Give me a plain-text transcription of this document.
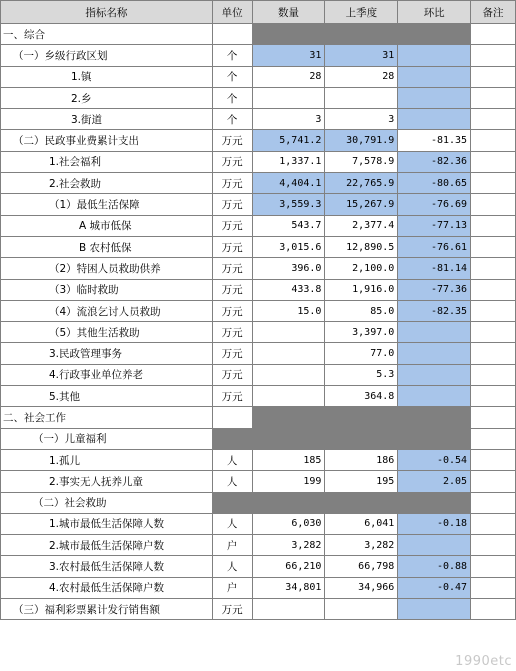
指标名称	单位	数量	上季度	环比	备注
一、综合					
（一）乡级行政区划	个	31	31		
1.镇	个	28	28		
2.乡	个				
3.街道	个	3	3		
（二）民政事业费累计支出	万元	5,741.2	30,791.9	-81.35	
1.社会福利	万元	1,337.1	7,578.9	-82.36	
2.社会救助	万元	4,404.1	22,765.9	-80.65	
（1）最低生活保障	万元	3,559.3	15,267.9	-76.69	
A 城市低保	万元	543.7	2,377.4	-77.13	
B 农村低保	万元	3,015.6	12,890.5	-76.61	
（2）特困人员救助供养	万元	396.0	2,100.0	-81.14	
（3）临时救助	万元	433.8	1,916.0	-77.36	
（4）流浪乞讨人员救助	万元	15.0	85.0	-82.35	
（5）其他生活救助	万元		3,397.0		
3.民政管理事务	万元		77.0		
4.行政事业单位养老	万元		5.3		
5.其他	万元		364.8		
二、社会工作					
（一）儿童福利					
1.孤儿	人	185	186	-0.54	
2.事实无人抚养儿童	人	199	195	2.05	
（二）社会救助					
1.城市最低生活保障人数	人	6,030	6,041	-0.18	
2.城市最低生活保障户数	户	3,282	3,282		
3.农村最低生活保障人数	人	66,210	66,798	-0.88	
4.农村最低生活保障户数	户	34,801	34,966	-0.47	
（三）福利彩票累计发行销售额	万元				
1990etc
